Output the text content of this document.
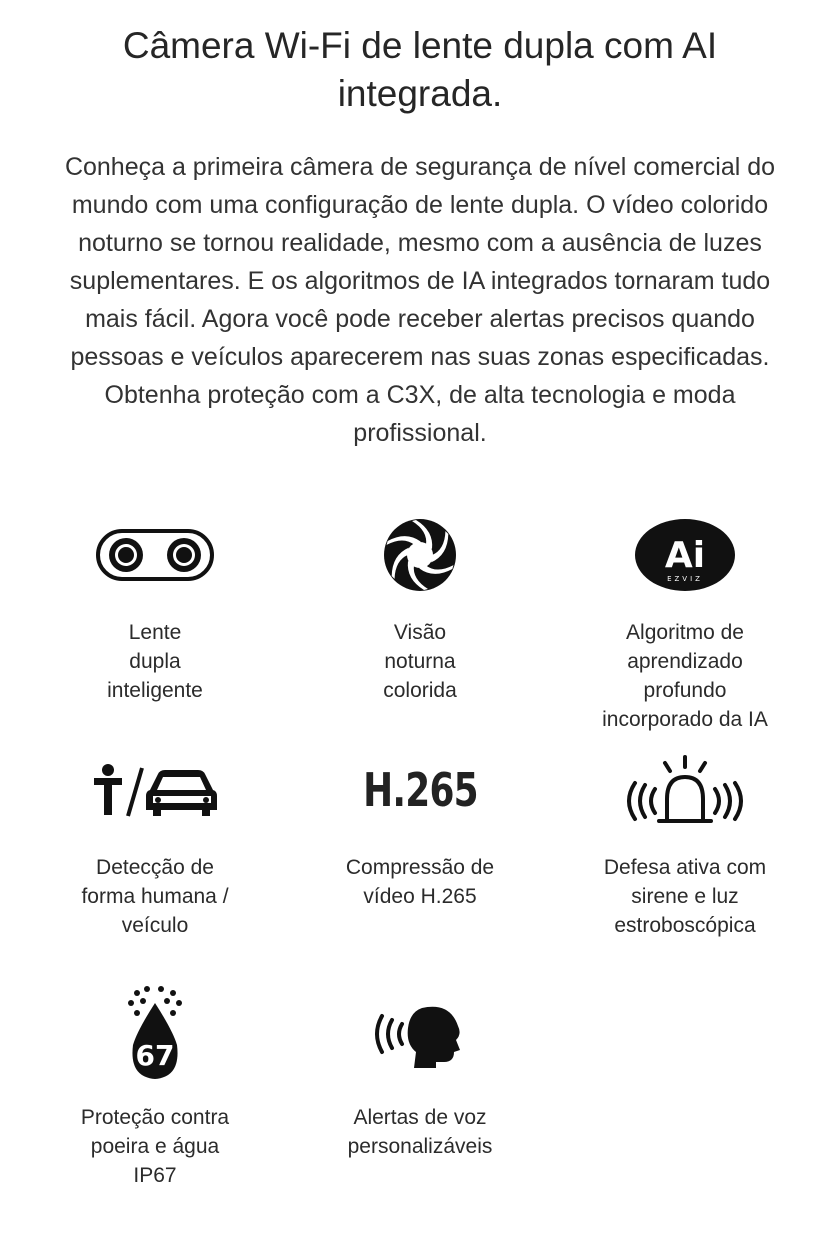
Câmera Wi-Fi de lente dupla com AI integrada.

Conheça a primeira câmera de segurança de nível comercial do mundo com uma configuração de lente dupla. O vídeo colorido noturno se tornou realidade, mesmo com a ausência de luzes suplementares. E os algoritmos de IA integrados tornaram tudo mais fácil. Agora você pode receber alertas precisos quando pessoas e veículos aparecerem nas suas zonas especificadas. Obtenha proteção com a C3X, de alta tecnologia e moda profissional.

Lente
dupla
inteligente
Visão
noturna
colorida
Ai
EZVIZ
Algoritmo de
aprendizado
profundo
incorporado da IA
Detecção de
forma humana /
veículo
H.265
Compressão de
vídeo H.265
Defesa ativa com
sirene e luz
estroboscópica
67
Proteção contra
poeira e água
IP67
Alertas de voz
personalizáveis
